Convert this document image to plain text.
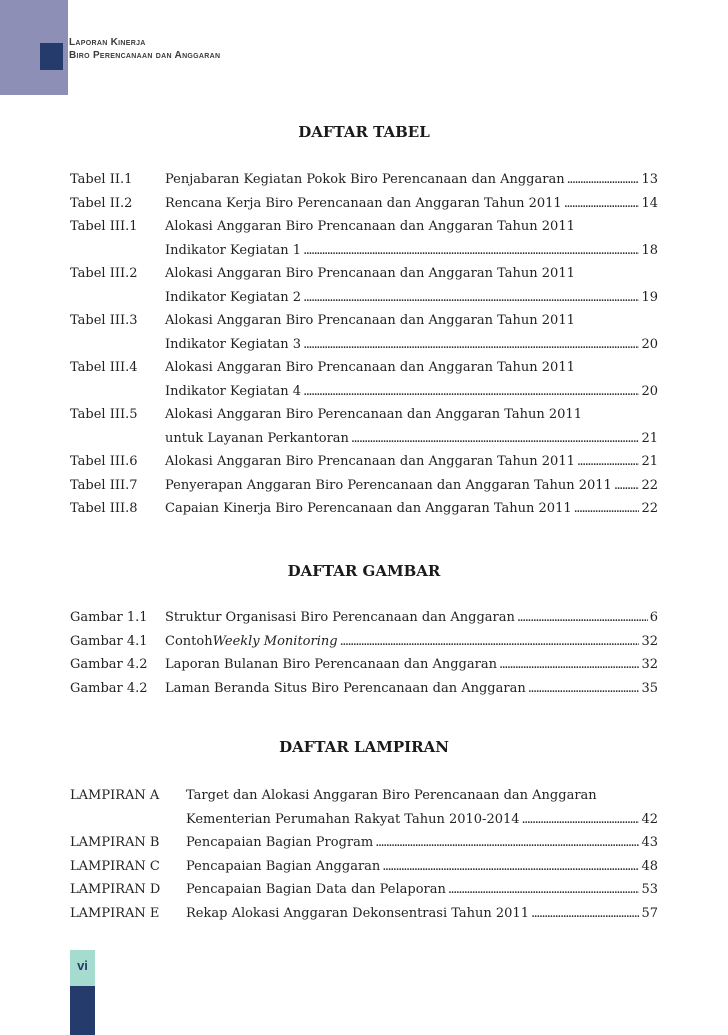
Laporan Kinerja
Biro Perencanaan dan Anggaran
DAFTAR TABEL
Tabel II.1	Penjabaran Kegiatan Pokok Biro Perencanaan dan Anggaran .....	13
Tabel II.2	Rencana Kerja Biro Perencanaan dan Anggaran Tahun 2011 .....	14
Tabel III.1 Alokasi Anggaran Biro Prencanaan dan Anggaran Tahun 2011
Indikator Kegiatan 1 .....	18
Tabel III.2 Alokasi Anggaran Biro Prencanaan dan Anggaran Tahun 2011
Indikator Kegiatan 2 .....	19
Tabel III.3 Alokasi Anggaran Biro Prencanaan dan Anggaran Tahun 2011
Indikator Kegiatan 3 .....	20
Tabel III.4 Alokasi Anggaran Biro Prencanaan dan Anggaran Tahun 2011
Indikator Kegiatan 4 .....	20
Tabel III.5 Alokasi Anggaran Biro Perencanaan dan Anggaran Tahun 2011
untuk Layanan Perkantoran .....	21
Tabel III.6 Alokasi Anggaran Biro Prencanaan dan Anggaran Tahun 2011 .....	21
Tabel III.7 Penyerapan Anggaran Biro Perencanaan dan Anggaran Tahun 2011 ..... 22
Tabel III.8 Capaian Kinerja Biro Perencanaan dan Anggaran Tahun 2011 .....	22
DAFTAR GAMBAR
Gambar 1.1 Struktur Organisasi Biro Perencanaan dan Anggaran .....	6
Gambar 4.1 Contoh Weekly Monitoring .....	32
Gambar 4.2 Laporan Bulanan Biro Perencanaan dan Anggaran .....	32
Gambar 4.2 Laman Beranda Situs Biro Perencanaan dan Anggaran .....	35
DAFTAR LAMPIRAN
LAMPIRAN A Target dan Alokasi Anggaran Biro Perencanaan dan Anggaran
Kementerian Perumahan Rakyat Tahun 2010-2014 .....	42
LAMPIRAN B Pencapaian Bagian Program .....	43
LAMPIRAN C Pencapaian Bagian Anggaran .....	48
LAMPIRAN D Pencapaian Bagian Data dan Pelaporan .....	53
LAMPIRAN E Rekap Alokasi Anggaran Dekonsentrasi Tahun 2011 .....	57
vi
